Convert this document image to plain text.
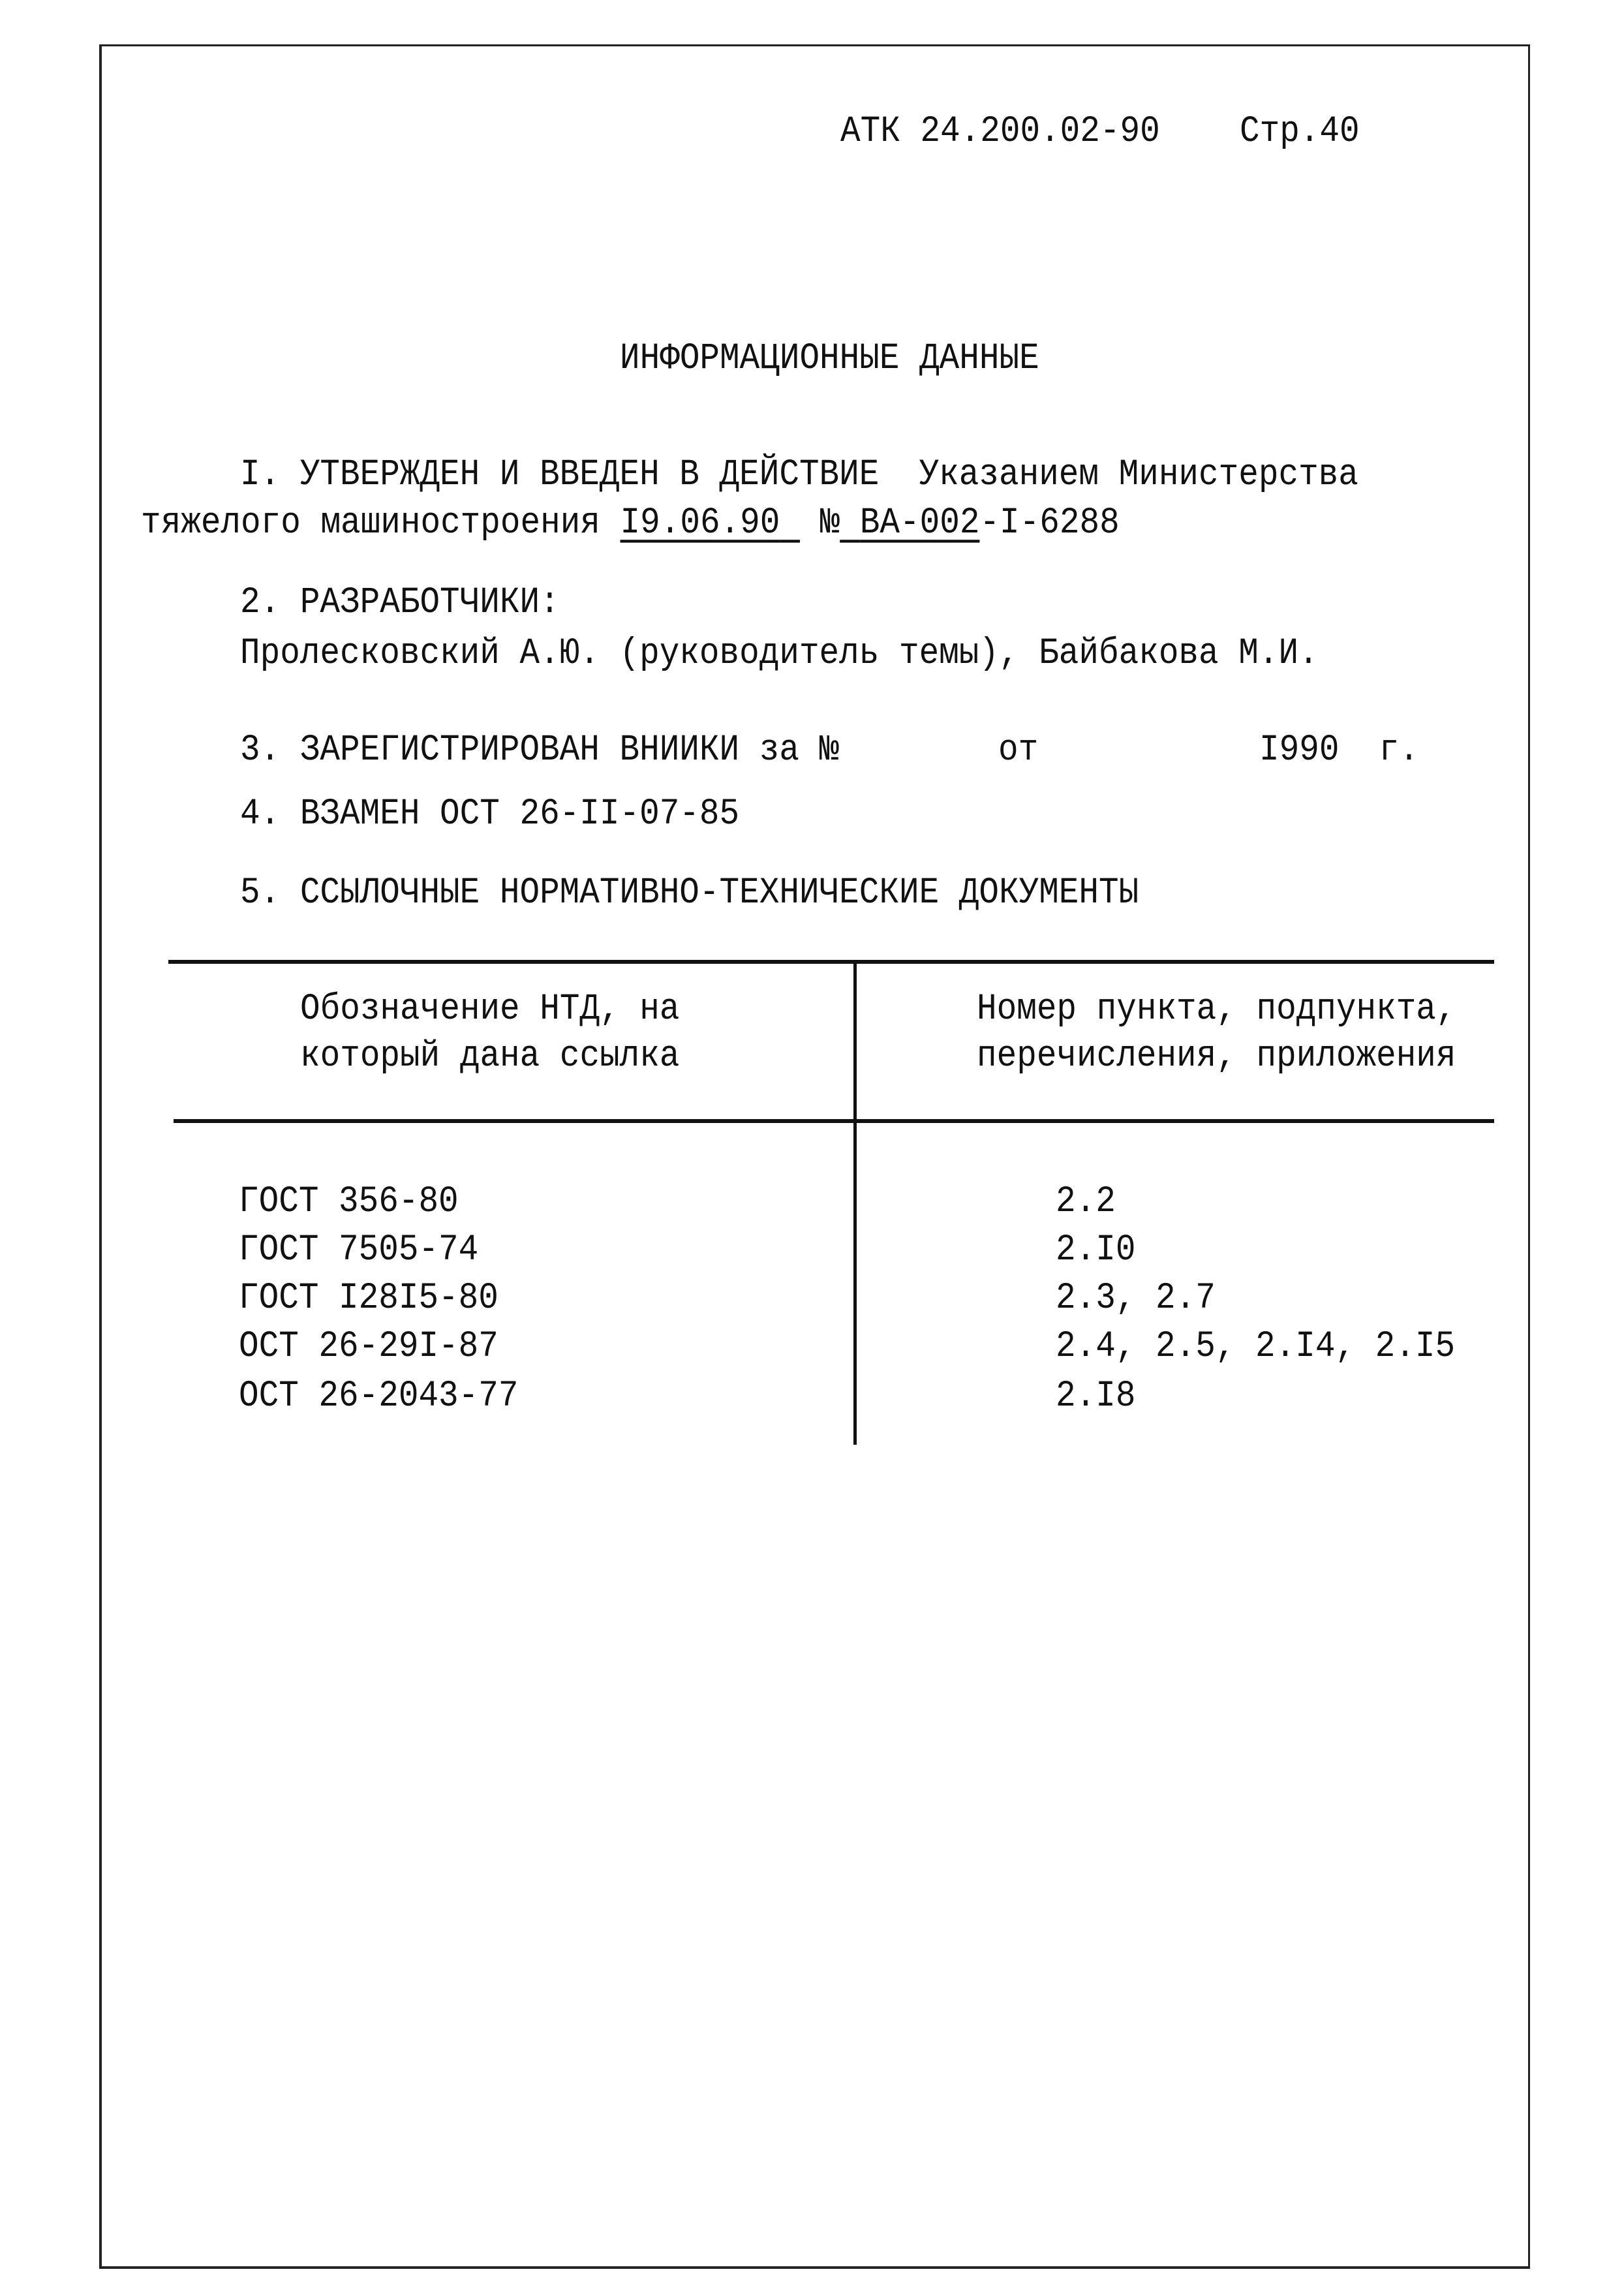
АТК 24.200.02-90 Стр.40
ИНФОРМАЦИОННЫЕ ДАННЫЕ
I. УТВЕРЖДЕН И ВВЕДЕН В ДЕЙСТВИЕ  Указанием Министерства
тяжелого машиностроения I9.06.90 № ВА-002-I-6288
2. РАЗРАБОТЧИКИ:
Пролесковский А.Ю. (руководитель темы), Байбакова М.И.
3. ЗАРЕГИСТРИРОВАН ВНИИКИ за №	от	I990  г.
4. ВЗАМЕН ОСТ 26-II-07-85
5. ССЫЛОЧНЫЕ НОРМАТИВНО-ТЕХНИЧЕСКИЕ ДОКУМЕНТЫ
Обозначение НТД, на
который дана ссылка
Номер пункта, подпункта,
перечисления, приложения
ГОСТ 356-80	2.2
ГОСТ 7505-74	2.I0
ГОСТ I28I5-80	2.3, 2.7
ОСТ 26-29I-87	2.4, 2.5, 2.I4, 2.I5
ОСТ 26-2043-77	2.I8
